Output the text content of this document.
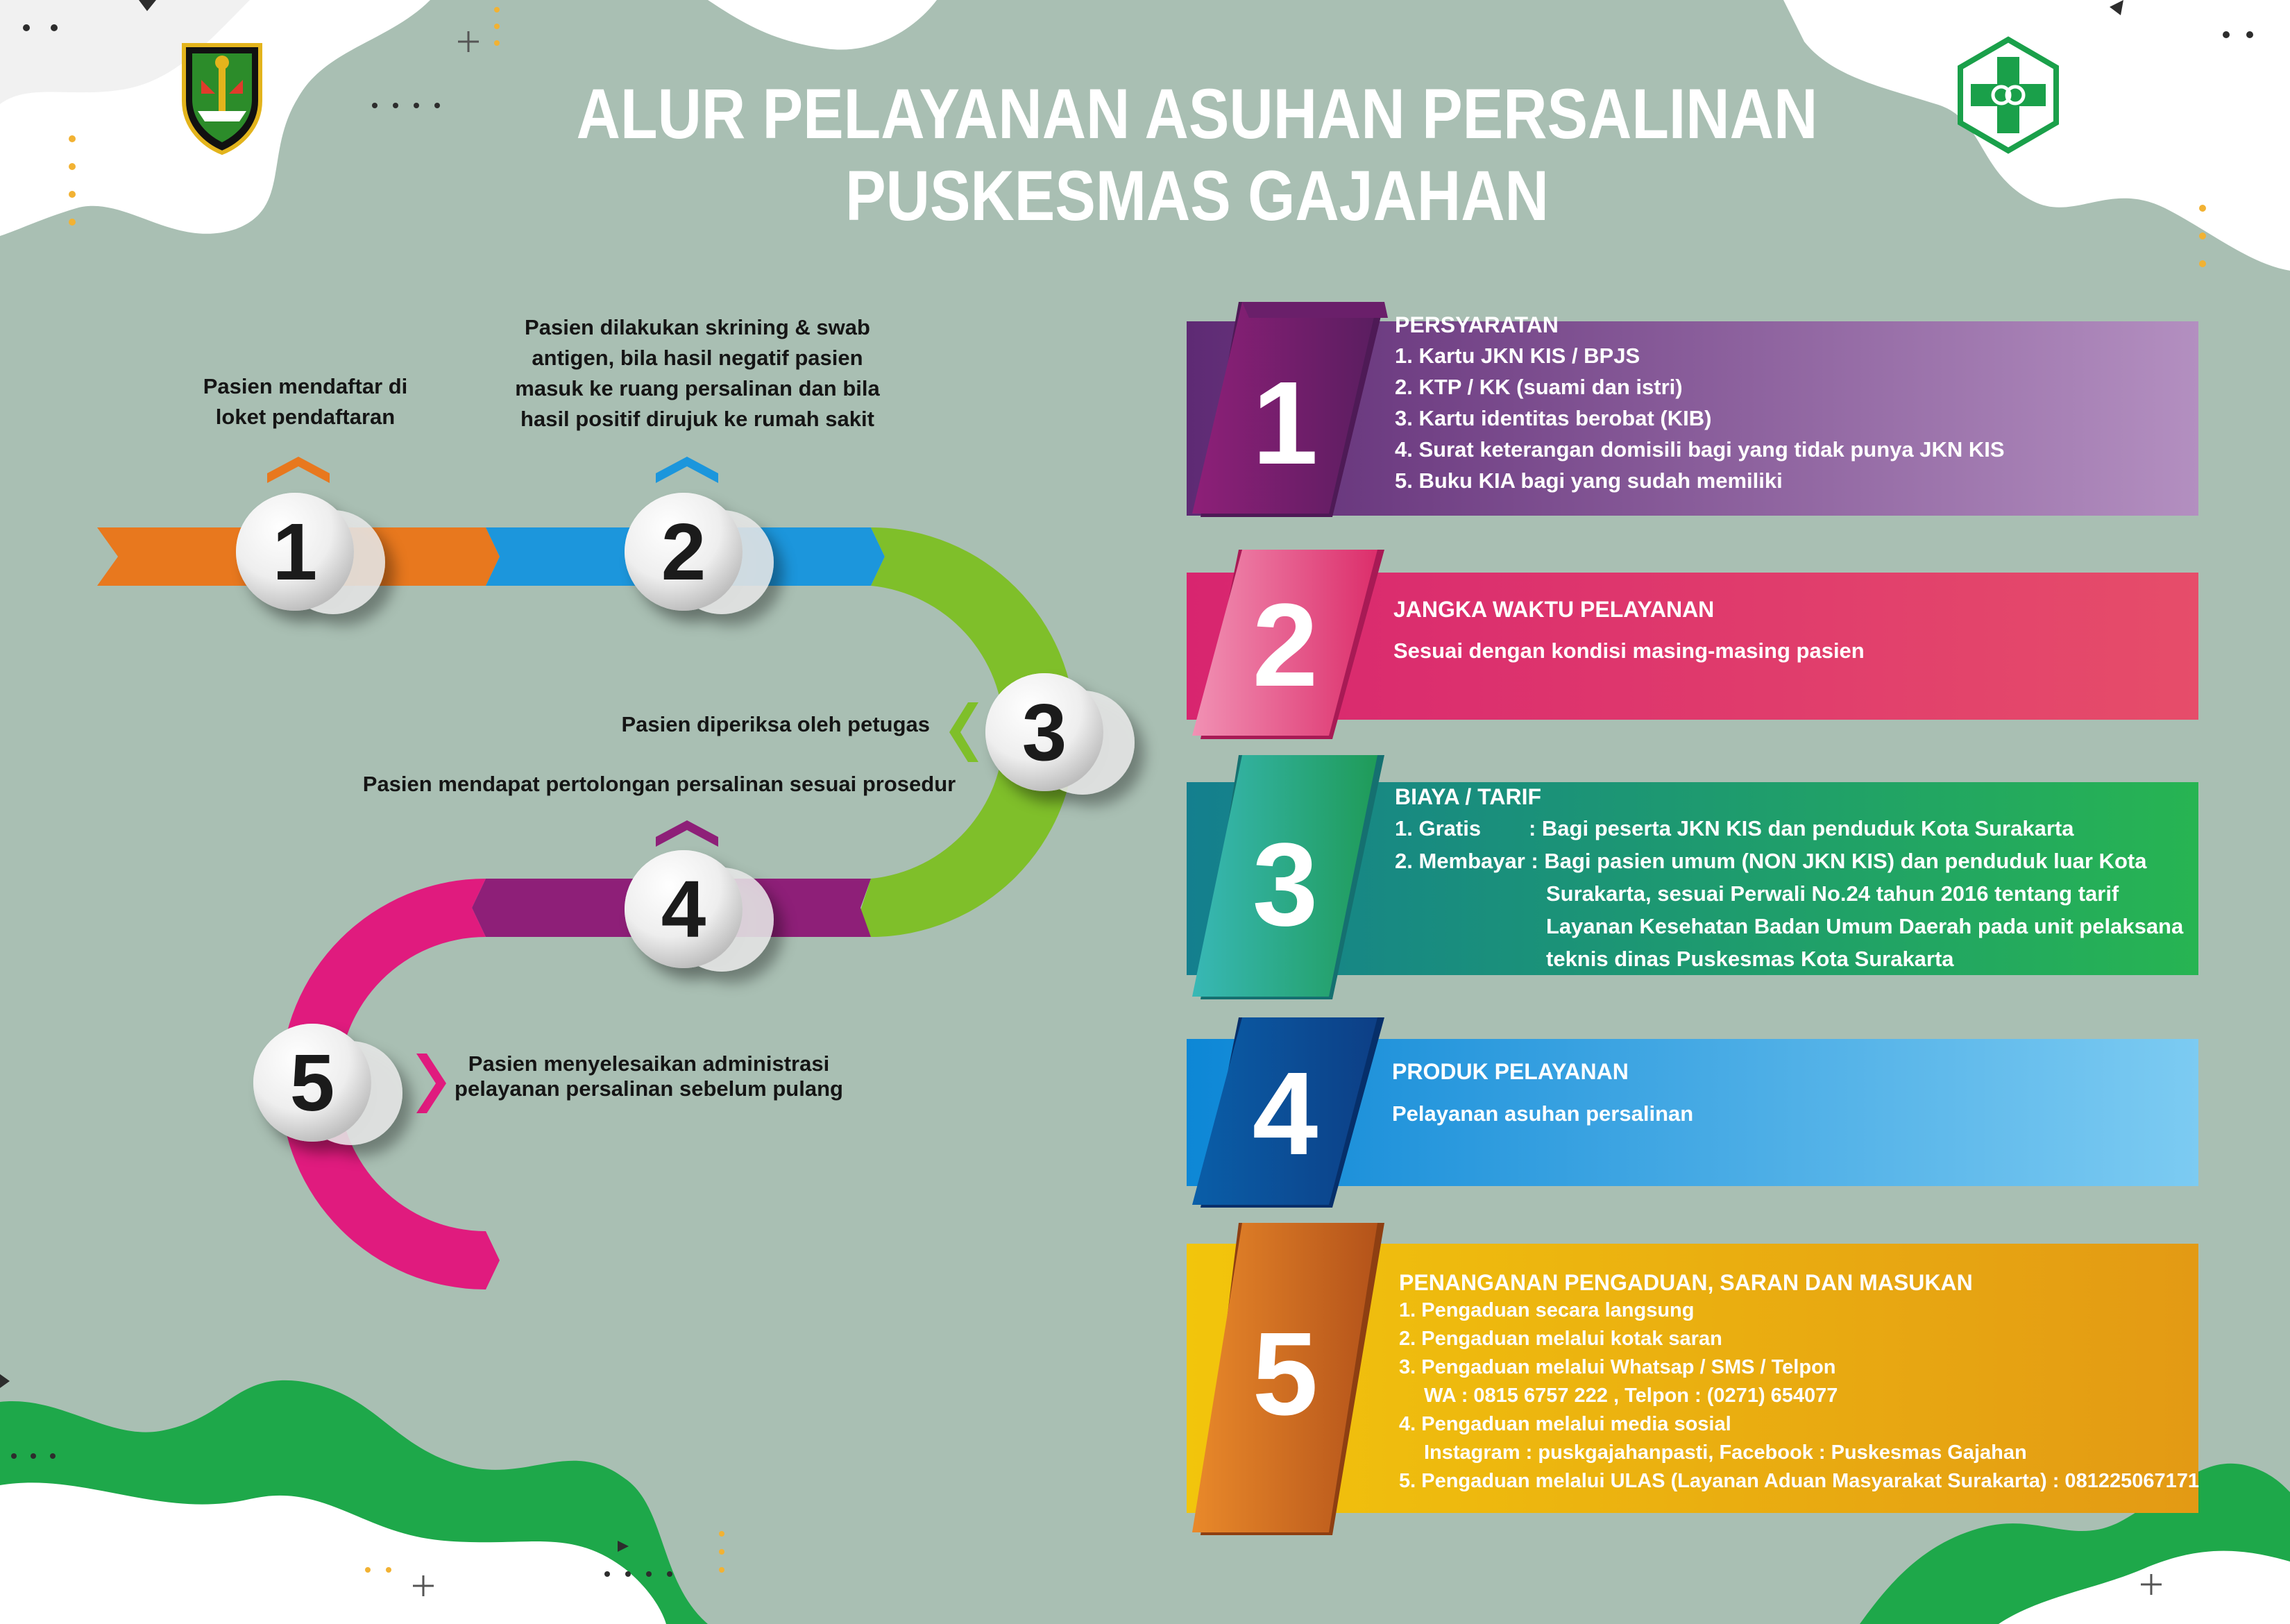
ALUR PELAYANAN ASUHAN PERSALINAN
PUSKESMAS GAJAHAN
1	2
3
4
5
Pasien mendaftar di
loket pendaftaran
Pasien dilakukan skrining & swab
antigen, bila hasil negatif pasien
masuk ke ruang persalinan dan bila
hasil positif dirujuk ke rumah sakit
Pasien diperiksa oleh petugas
Pasien mendapat pertolongan persalinan sesuai prosedur
Pasien menyelesaikan administrasi
pelayanan persalinan sebelum pulang
1
2
3
4
5
PERSYARATAN
1. Kartu JKN KIS / BPJS
2. KTP / KK (suami dan istri)
3. Kartu identitas berobat (KIB)
4. Surat keterangan domisili bagi yang tidak punya JKN KIS
5. Buku KIA bagi yang sudah memiliki
JANGKA WAKTU PELAYANAN
Sesuai dengan kondisi masing-masing pasien
BIAYA / TARIF
1. Gratis        : Bagi peserta JKN KIS dan penduduk Kota Surakarta
2. Membayar : Bagi pasien umum (NON JKN KIS) dan penduduk luar Kota
Surakarta, sesuai Perwali No.24 tahun 2016 tentang tarif
Layanan Kesehatan Badan Umum Daerah pada unit pelaksana
teknis dinas Puskesmas Kota Surakarta
PRODUK PELAYANAN
Pelayanan asuhan persalinan
PENANGANAN PENGADUAN, SARAN DAN MASUKAN
1. Pengaduan secara langsung
2. Pengaduan melalui kotak saran
3. Pengaduan melalui Whatsap / SMS / Telpon
WA : 0815 6757 222 , Telpon : (0271) 654077
4. Pengaduan melalui media sosial
Instagram : puskgajahanpasti, Facebook : Puskesmas Gajahan
5. Pengaduan melalui ULAS (Layanan Aduan Masyarakat Surakarta) : 081225067171
